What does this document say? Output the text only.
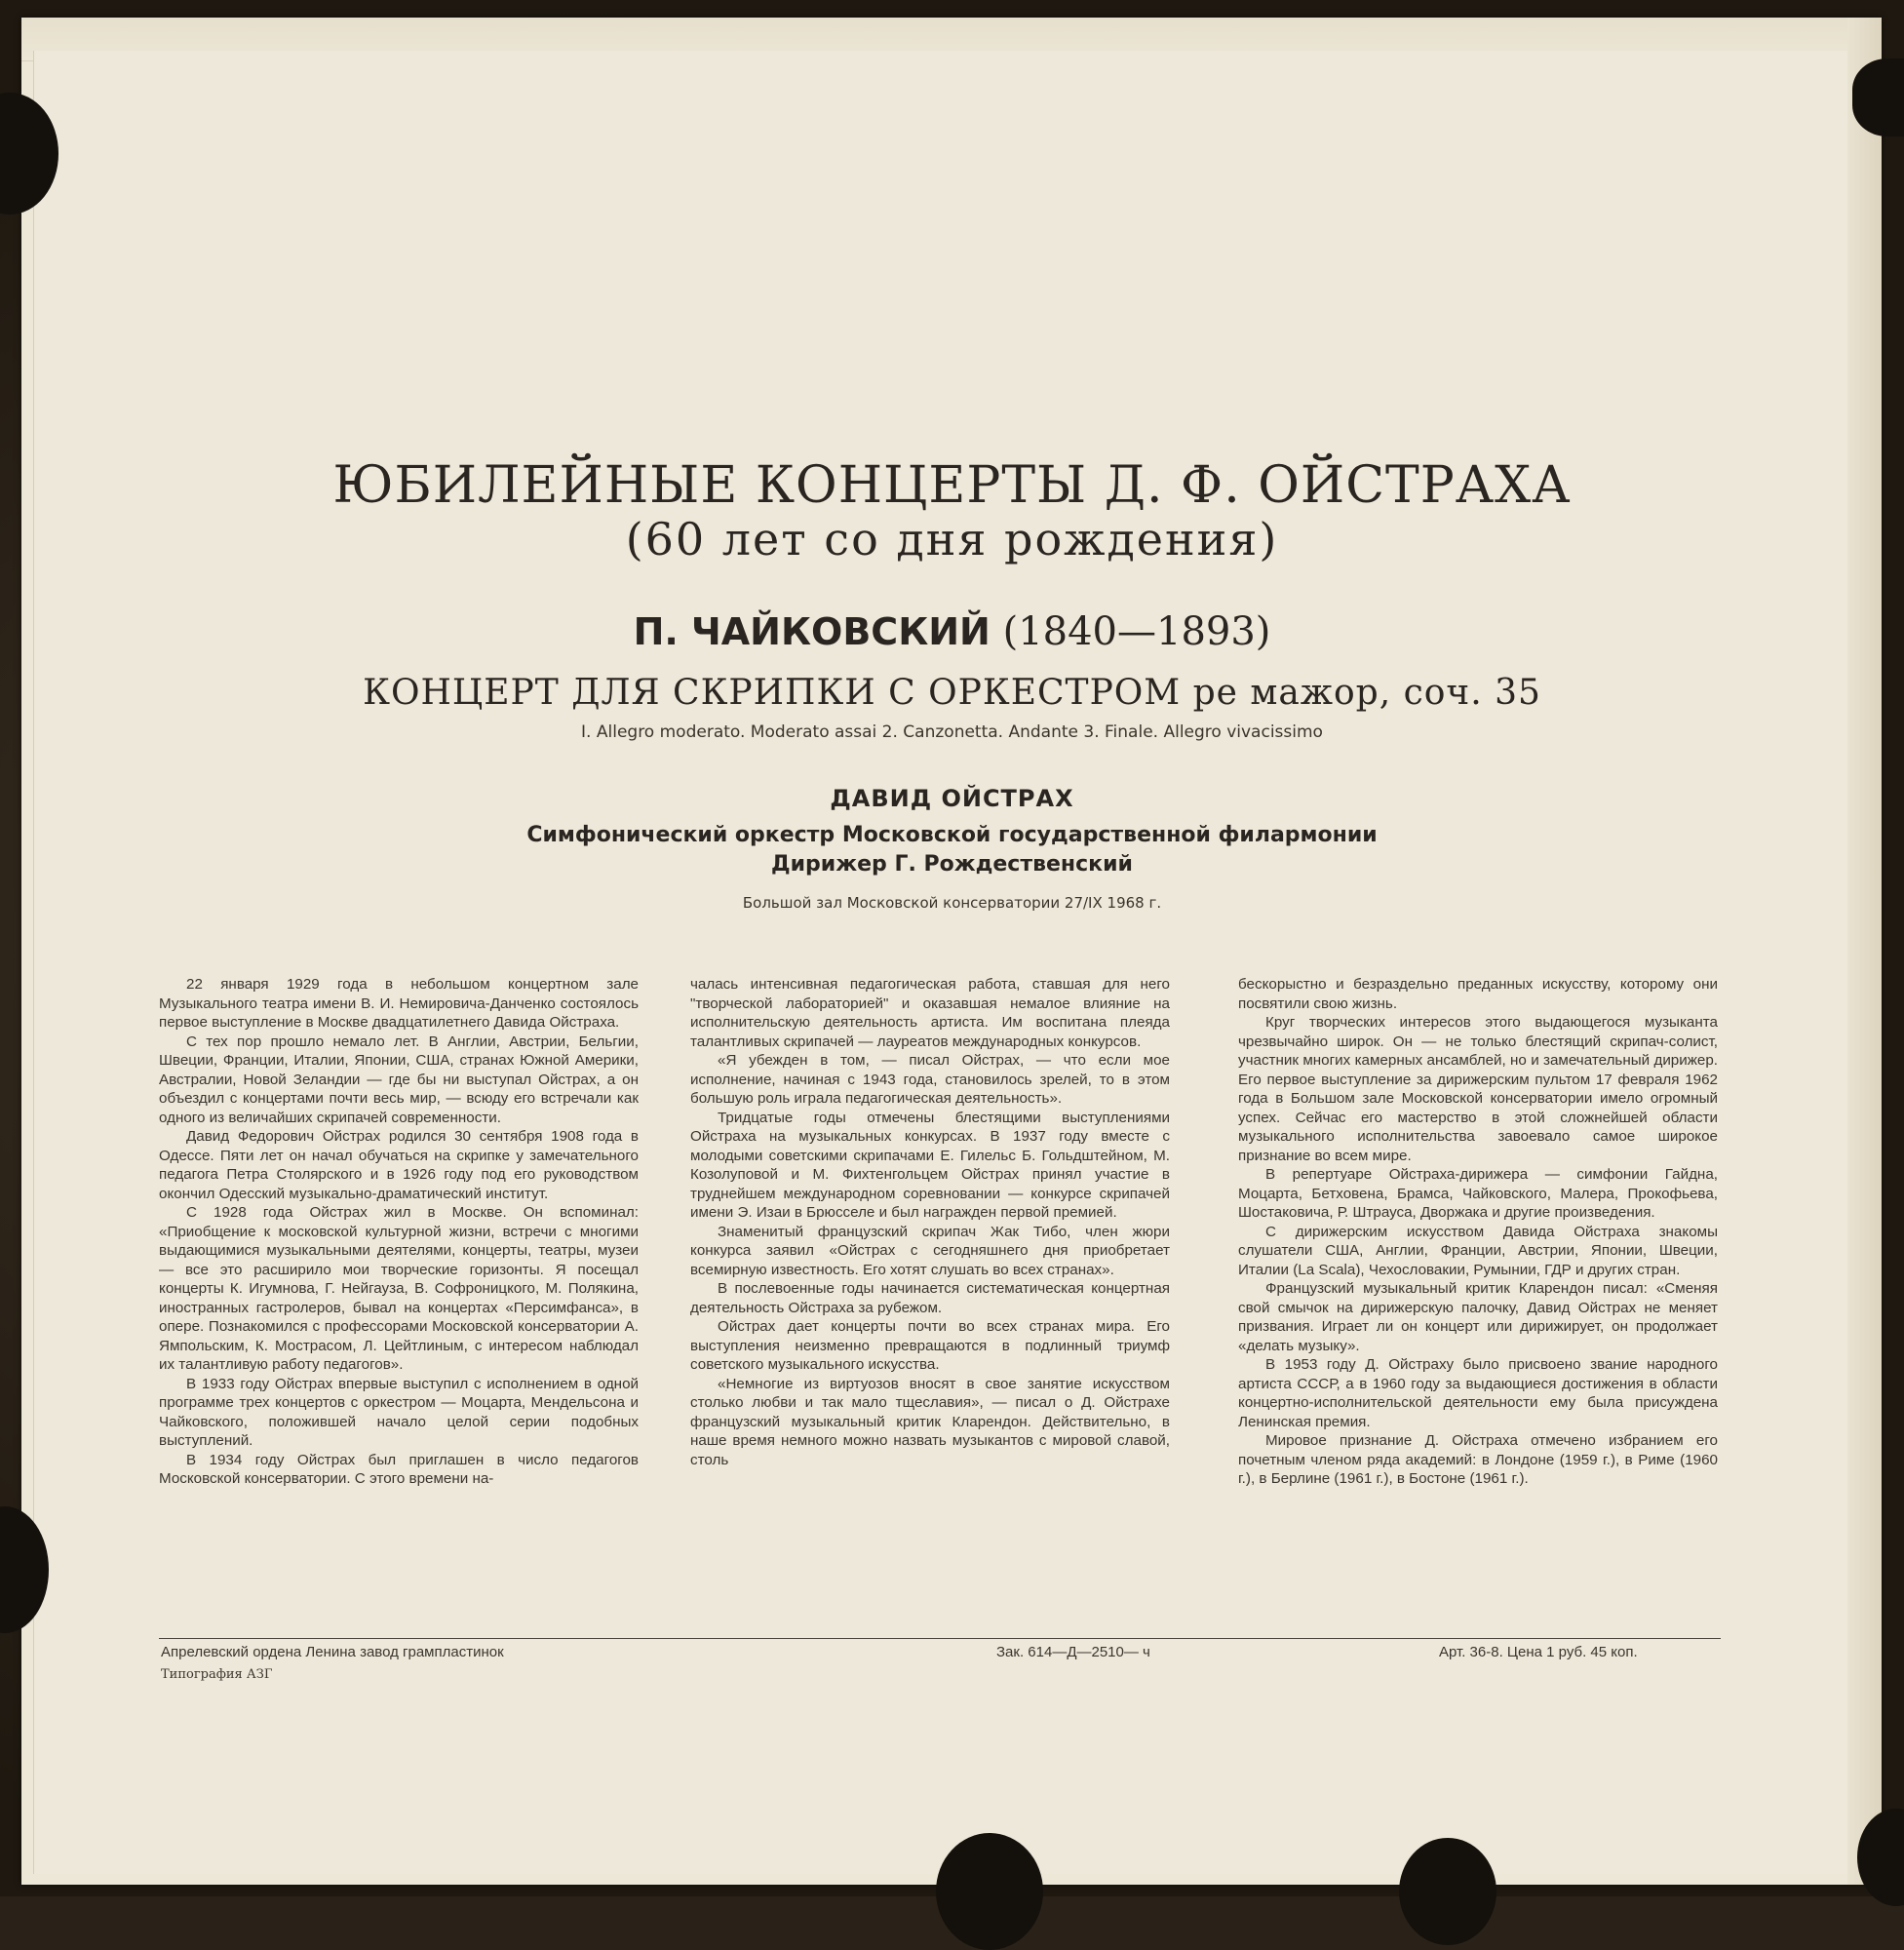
ЮБИЛЕЙНЫЕ КОНЦЕРТЫ Д. Ф. ОЙСТРАХА
(60 лет со дня рождения)
П. ЧАЙКОВСКИЙ (1840—1893)
КОНЦЕРТ ДЛЯ СКРИПКИ С ОРКЕСТРОМ ре мажор, соч. 35
I. Allegro moderato. Moderato assai 2. Canzonetta. Andante 3. Finale. Allegro vivacissimo
ДАВИД ОЙСТРАХ
Симфонический оркестр Московской государственной филармонии
Дирижер Г. Рождественский
Большой зал Московской консерватории 27/IX 1968 г.

22 января 1929 года в небольшом концертном зале Музыкального театра имени В. И. Немировича-Данченко состоялось первое выступление в Москве двадцатилетнего Давида Ойстраха.

С тех пор прошло немало лет. В Англии, Австрии, Бельгии, Швеции, Франции, Италии, Японии, США, странах Южной Америки, Австралии, Новой Зеландии — где бы ни выступал Ойстрах, а он объездил с концертами почти весь мир, — всюду его встречали как одного из величайших скрипачей современности.

Давид Федорович Ойстрах родился 30 сентября 1908 года в Одессе. Пяти лет он начал обучаться на скрипке у замечательного педагога Петра Столярского и в 1926 году под его руководством окончил Одесский музыкально-драматический институт.

С 1928 года Ойстрах жил в Москве. Он вспоминал: «Приобщение к московской культурной жизни, встречи с многими выдающимися музыкальными деятелями, концерты, театры, музеи — все это расширило мои творческие горизонты. Я посещал концерты К. Игумнова, Г. Нейгауза, В. Софроницкого, М. Полякина, иностранных гастролеров, бывал на концертах «Персимфанса», в опере. Познакомился с профессорами Московской консерватории А. Ямпольским, К. Мострасом, Л. Цейтлиным, с интересом наблюдал их талантливую работу педагогов».

В 1933 году Ойстрах впервые выступил с исполнением в одной программе трех концертов с оркестром — Моцарта, Мендельсона и Чайковского, положившей начало целой серии подобных выступлений.

В 1934 году Ойстрах был приглашен в число педагогов Московской консерватории. С этого времени на-

чалась интенсивная педагогическая работа, ставшая для него "творческой лабораторией" и оказавшая немалое влияние на исполнительскую деятельность артиста. Им воспитана плеяда талантливых скрипачей — лауреатов международных конкурсов.

«Я убежден в том, — писал Ойстрах, — что если мое исполнение, начиная с 1943 года, становилось зрелей, то в этом большую роль играла педагогическая деятельность».

Тридцатые годы отмечены блестящими выступлениями Ойстраха на музыкальных конкурсах. В 1937 году вместе с молодыми советскими скрипачами Е. Гилельс Б. Гольдштейном, М. Козолуповой и М. Фихтенгольцем Ойстрах принял участие в труднейшем международном соревновании — конкурсе скрипачей имени Э. Изаи в Брюсселе и был награжден первой премией.

Знаменитый французский скрипач Жак Тибо, член жюри конкурса заявил «Ойстрах с сегодняшнего дня приобретает всемирную известность. Его хотят слушать во всех странах».

В послевоенные годы начинается систематическая концертная деятельность Ойстраха за рубежом.

Ойстрах дает концерты почти во всех странах мира. Его выступления неизменно превращаются в подлинный триумф советского музыкального искусства.

«Немногие из виртуозов вносят в свое занятие искусством столько любви и так мало тщеславия», — писал о Д. Ойстрахе французский музыкальный критик Кларендон. Действительно, в наше время немного можно назвать музыкантов с мировой славой, столь

бескорыстно и безраздельно преданных искусству, которому они посвятили свою жизнь.

Круг творческих интересов этого выдающегося музыканта чрезвычайно широк. Он — не только блестящий скрипач-солист, участник многих камерных ансамблей, но и замечательный дирижер. Его первое выступление за дирижерским пультом 17 февраля 1962 года в Большом зале Московской консерватории имело огромный успех. Сейчас его мастерство в этой сложнейшей области музыкального исполнительства завоевало самое широкое признание во всем мире.

В репертуаре Ойстраха-дирижера — симфонии Гайдна, Моцарта, Бетховена, Брамса, Чайковского, Малера, Прокофьева, Шостаковича, Р. Штрауса, Дворжака и другие произведения.

С дирижерским искусством Давида Ойстраха знакомы слушатели США, Англии, Франции, Австрии, Японии, Швеции, Италии (La Scala), Чехословакии, Румынии, ГДР и других стран.

Французский музыкальный критик Кларендон писал: «Сменяя свой смычок на дирижерскую палочку, Давид Ойстрах не меняет призвания. Играет ли он концерт или дирижирует, он продолжает «делать музыку».

В 1953 году Д. Ойстраху было присвоено звание народного артиста СССР, а в 1960 году за выдающиеся достижения в области концертно-исполнительской деятельности ему была присуждена Ленинская премия.

Мировое признание Д. Ойстраха отмечено избранием его почетным членом ряда академий: в Лондоне (1959 г.), в Риме (1960 г.), в Берлине (1961 г.), в Бостоне (1961 г.).

Апрелевский ордена Ленина завод грампластинок	Зак. 614—Д—2510— ч	Арт. 36-8. Цена 1 руб. 45 коп.
Типография АЗГ
